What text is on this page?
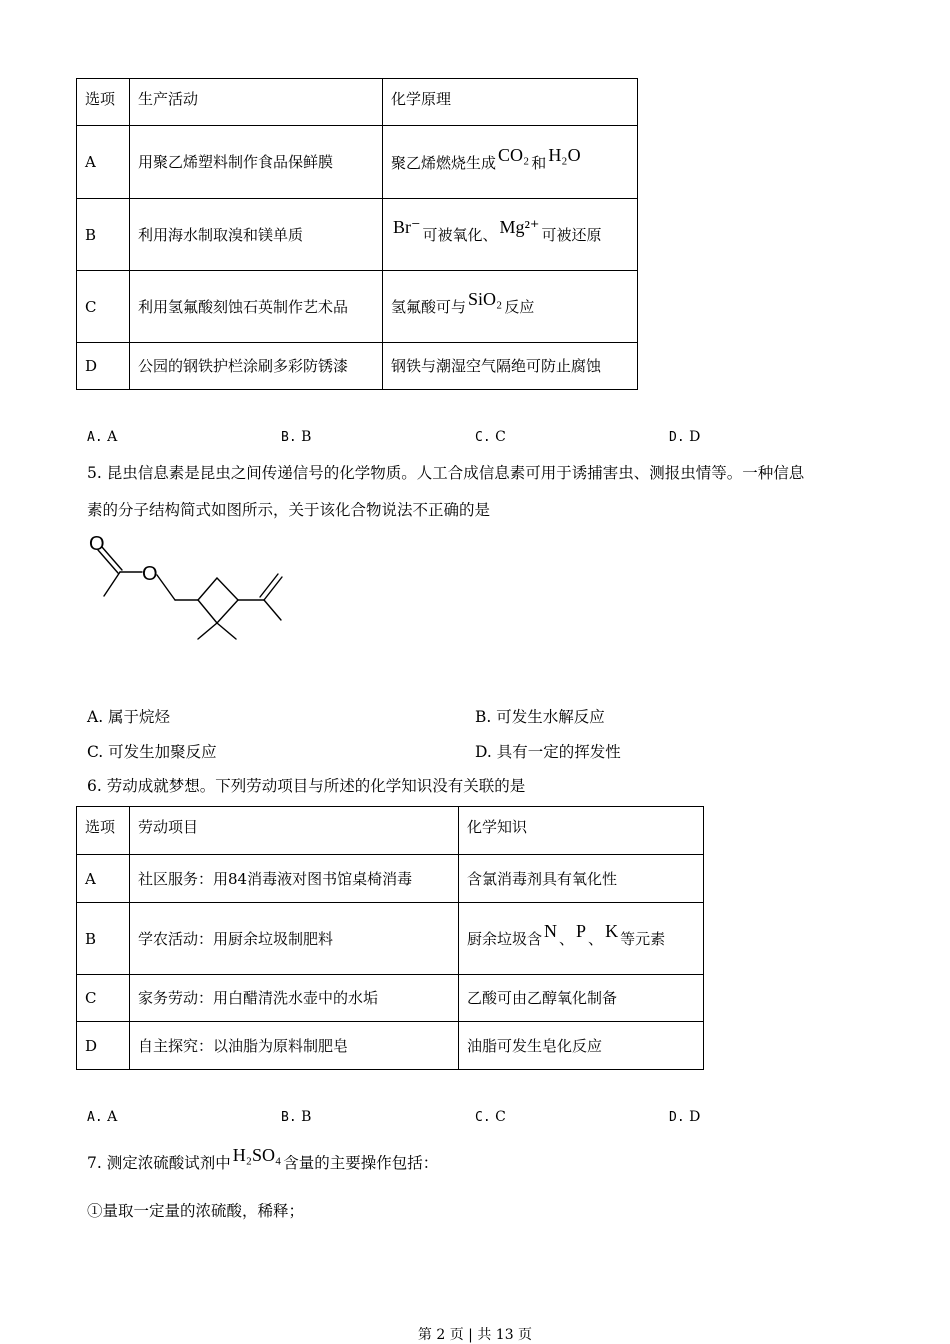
选项	生产活动	化学原理
A	用聚乙烯塑料制作食品保鲜膜	聚乙烯燃烧生成 CO₂ 和 H₂O
B	利用海水制取溴和镁单质	Br⁻ 可被氧化、 Mg²⁺ 可被还原
C	利用氢氟酸刻蚀石英制作艺术品	氢氟酸可与 SiO₂ 反应
D	公园的钢铁护栏涂刷多彩防锈漆	钢铁与潮湿空气隔绝可防止腐蚀
A. A	B. B	C. C	D. D
5. 昆虫信息素是昆虫之间传递信号的化学物质。人工合成信息素可用于诱捕害虫、测报虫情等。一种信息
素的分子结构简式如图所示，关于该化合物说法不正确的是
O
O
A. 属于烷烃	B. 可发生水解反应
C. 可发生加聚反应	D. 具有一定的挥发性
6. 劳动成就梦想。下列劳动项目与所述的化学知识没有关联的是
选项	劳动项目	化学知识
A	社区服务：用84消毒液对图书馆桌椅消毒	含氯消毒剂具有氧化性
B	学农活动：用厨余垃圾制肥料	厨余垃圾含 N 、 P 、 K 等元素
C	家务劳动：用白醋清洗水壶中的水垢	乙酸可由乙醇氧化制备
D	自主探究：以油脂为原料制肥皂	油脂可发生皂化反应
A. A	B. B	C. C	D. D
7. 测定浓硫酸试剂中 H₂SO₄ 含量的主要操作包括：
①量取一定量的浓硫酸，稀释；
第 2 页 | 共 13 页
